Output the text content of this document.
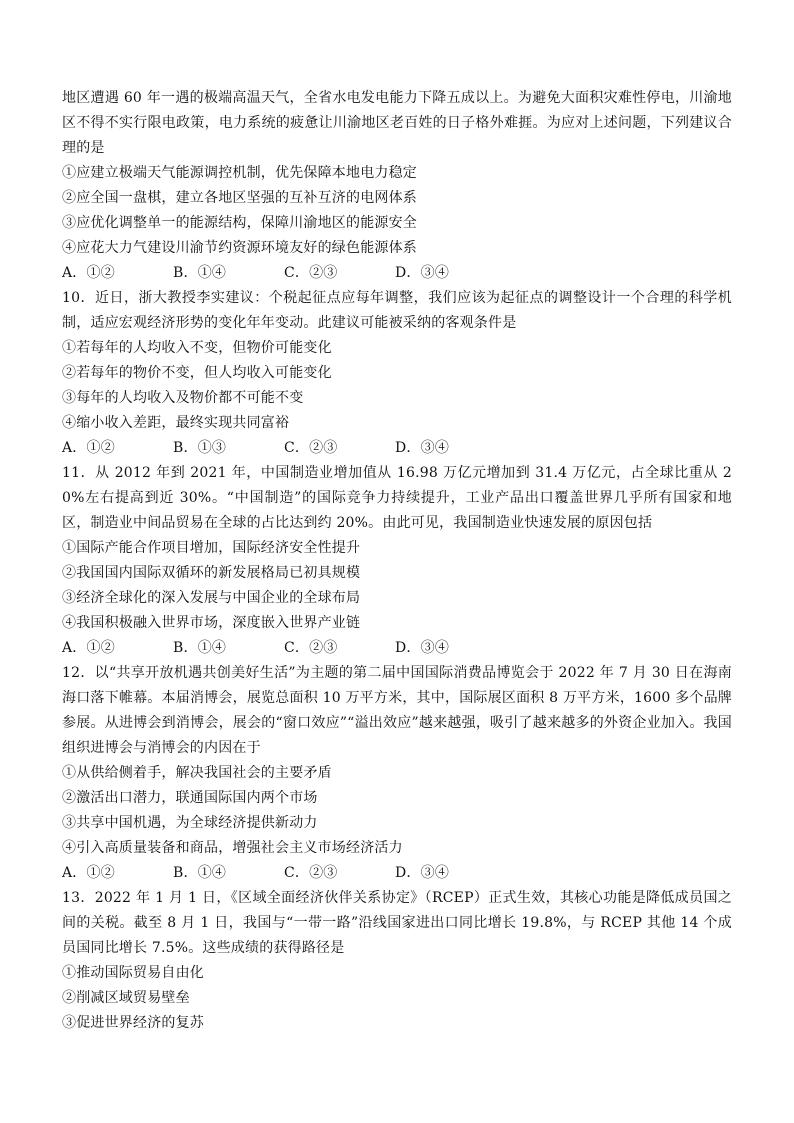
地区遭遇 60 年一遇的极端高温天气，全省水电发电能力下降五成以上。为避免大面积灾难性停电，川渝地区不得不实行限电政策，电力系统的疲惫让川渝地区老百姓的日子格外难捱。为应对上述问题，下列建议合理的是

①应建立极端天气能源调控机制，优先保障本地电力稳定

②应全国一盘棋，建立各地区坚强的互补互济的电网体系

③应优化调整单一的能源结构，保障川渝地区的能源安全

④应花大力气建设川渝节约资源环境友好的绿色能源体系

A．①②	B．①④	C．②③	D．③④

10．近日，浙大教授李实建议：个税起征点应每年调整，我们应该为起征点的调整设计一个合理的科学机制，适应宏观经济形势的变化年年变动。此建议可能被采纳的客观条件是

①若每年的人均收入不变，但物价可能变化

②若每年的物价不变，但人均收入可能变化

③每年的人均收入及物价都不可能不变

④缩小收入差距，最终实现共同富裕

A．①②	B．①③	C．②③	D．③④

11．从 2012 年到 2021 年，中国制造业增加值从 16.98 万亿元增加到 31.4 万亿元，占全球比重从 20%左右提高到近 30%。“中国制造”的国际竞争力持续提升，工业产品出口覆盖世界几乎所有国家和地区，制造业中间品贸易在全球的占比达到约 20%。由此可见，我国制造业快速发展的原因包括

①国际产能合作项目增加，国际经济安全性提升

②我国国内国际双循环的新发展格局已初具规模

③经济全球化的深入发展与中国企业的全球布局

④我国积极融入世界市场，深度嵌入世界产业链

A．①②	B．①④	C．②③	D．③④

12．以“共享开放机遇共创美好生活”为主题的第二届中国国际消费品博览会于 2022 年 7 月 30 日在海南海口落下帷幕。本届消博会，展览总面积 10 万平方米，其中，国际展区面积 8 万平方米，1600 多个品牌参展。从进博会到消博会，展会的“窗口效应”“溢出效应”越来越强，吸引了越来越多的外资企业加入。我国组织进博会与消博会的内因在于

①从供给侧着手，解决我国社会的主要矛盾

②激活出口潜力，联通国际国内两个市场

③共享中国机遇，为全球经济提供新动力

④引入高质量装备和商品，增强社会主义市场经济活力

A．①②	B．①④	C．②③	D．③④

13．2022 年 1 月 1 日，《区域全面经济伙伴关系协定》（RCEP）正式生效，其核心功能是降低成员国之间的关税。截至 8 月 1 日，我国与“一带一路”沿线国家进出口同比增长 19.8%，与 RCEP 其他 14 个成员国同比增长 7.5%。这些成绩的获得路径是

①推动国际贸易自由化

②削减区域贸易壁垒

③促进世界经济的复苏
